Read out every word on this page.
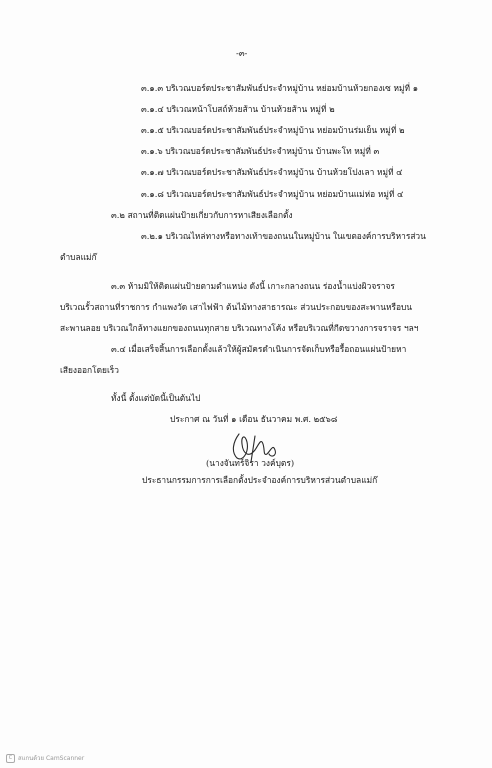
-๓-
๓.๑.๓ บริเวณบอร์ดประชาสัมพันธ์ประจำหมู่บ้าน หย่อมบ้านห้วยกองเซ หมู่ที่ ๑
๓.๑.๔ บริเวณหน้าโบสถ์ห้วยส้าน บ้านห้วยส้าน หมู่ที่ ๒
๓.๑.๕ บริเวณบอร์ดประชาสัมพันธ์ประจำหมู่บ้าน หย่อมบ้านร่มเย็น หมู่ที่ ๒
๓.๑.๖ บริเวณบอร์ดประชาสัมพันธ์ประจำหมู่บ้าน บ้านพะโท หมู่ที่ ๓
๓.๑.๗ บริเวณบอร์ดประชาสัมพันธ์ประจำหมู่บ้าน บ้านห้วยโปงเลา หมู่ที่ ๔
๓.๑.๘ บริเวณบอร์ดประชาสัมพันธ์ประจำหมู่บ้าน หย่อมบ้านแม่ห่อ หมู่ที่ ๔
๓.๒ สถานที่ติดแผ่นป้ายเกี่ยวกับการหาเสียงเลือกตั้ง
๓.๒.๑ บริเวณไหล่ทางหรือทางเท้าของถนนในหมู่บ้าน ในเขตองค์การบริหารส่วน
ตำบลแม่ก๊
๓.๓ ห้ามมิให้ติดแผ่นป้ายตามตำแหน่ง ดังนี้ เกาะกลางถนน ร่องน้ำแบ่งผิวจราจร
บริเวณรั้วสถานที่ราชการ กำแพงวัด เสาไฟฟ้า ต้นไม้ทางสาธารณะ ส่วนประกอบของสะพานหรือบน
สะพานลอย บริเวณใกล้ทางแยกของถนนทุกสาย บริเวณทางโค้ง หรือบริเวณที่กีดขวางการจราจร ฯลฯ
๓.๔ เมื่อเสร็จสิ้นการเลือกตั้งแล้วให้ผู้สมัครดำเนินการจัดเก็บหรือรื้อถอนแผ่นป้ายหา
เสียงออกโดยเร็ว
ทั้งนี้ ตั้งแต่บัดนี้เป็นต้นไป
ประกาศ ณ วันที่ ๑ เดือน ธันวาคม พ.ศ. ๒๕๖๘
(นางจันทร์จิรา วงค์บุตร)
ประธานกรรมการการเลือกตั้งประจำองค์การบริหารส่วนตำบลแม่ก๊
C สแกนด้วย CamScanner
